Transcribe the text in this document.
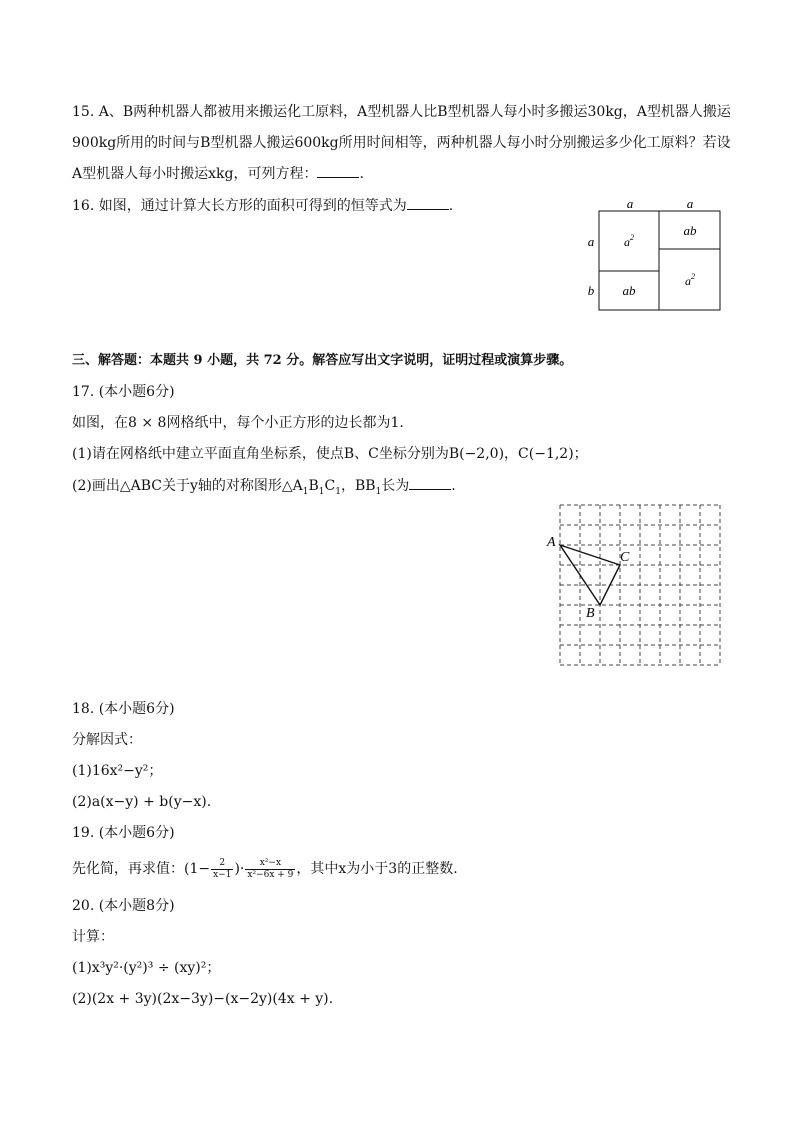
15. A、B两种机器人都被用来搬运化工原料，A型机器人比B型机器人每小时多搬运30kg，A型机器人搬运
900kg所用的时间与B型机器人搬运600kg所用时间相等，两种机器人每小时分别搬运多少化工原料？若设
A型机器人每小时搬运xkg，可列方程：	.
16. 如图，通过计算大长方形的面积可得到的恒等式为	.	a	a
a
b
$a^2$	ab
ab
$a^2$
三、解答题：本题共 9 小题，共 72 分。解答应写出文字说明，证明过程或演算步骤。
17. (本小题6分)
如图，在8 × 8网格纸中，每个小正方形的边长都为1.
(1)请在网格纸中建立平面直角坐标系，使点B、C坐标分别为B(−2,0)，C(−1,2)；
(2)画出△ABC关于y轴的对称图形$\triangle A_1B_1C_1$，$BB_1$长为	.
A
C
B
18. (本小题6分)
分解因式：
(1)16x²−y²；
(2)a(x−y) + b(y−x).
19. (本小题6分)
先化简，再求值：($1- \frac{2}{x-1}$ )· $\frac{\text{x²−x}}{\text{x²−6x + 9}}$ ，其中x为小于3的正整数.
20. (本小题8分)
计算：
(1)x³y²·(y²)³ ÷ (xy)²；
(2)(2x + 3y)(2x−3y)−(x−2y)(4x + y).
